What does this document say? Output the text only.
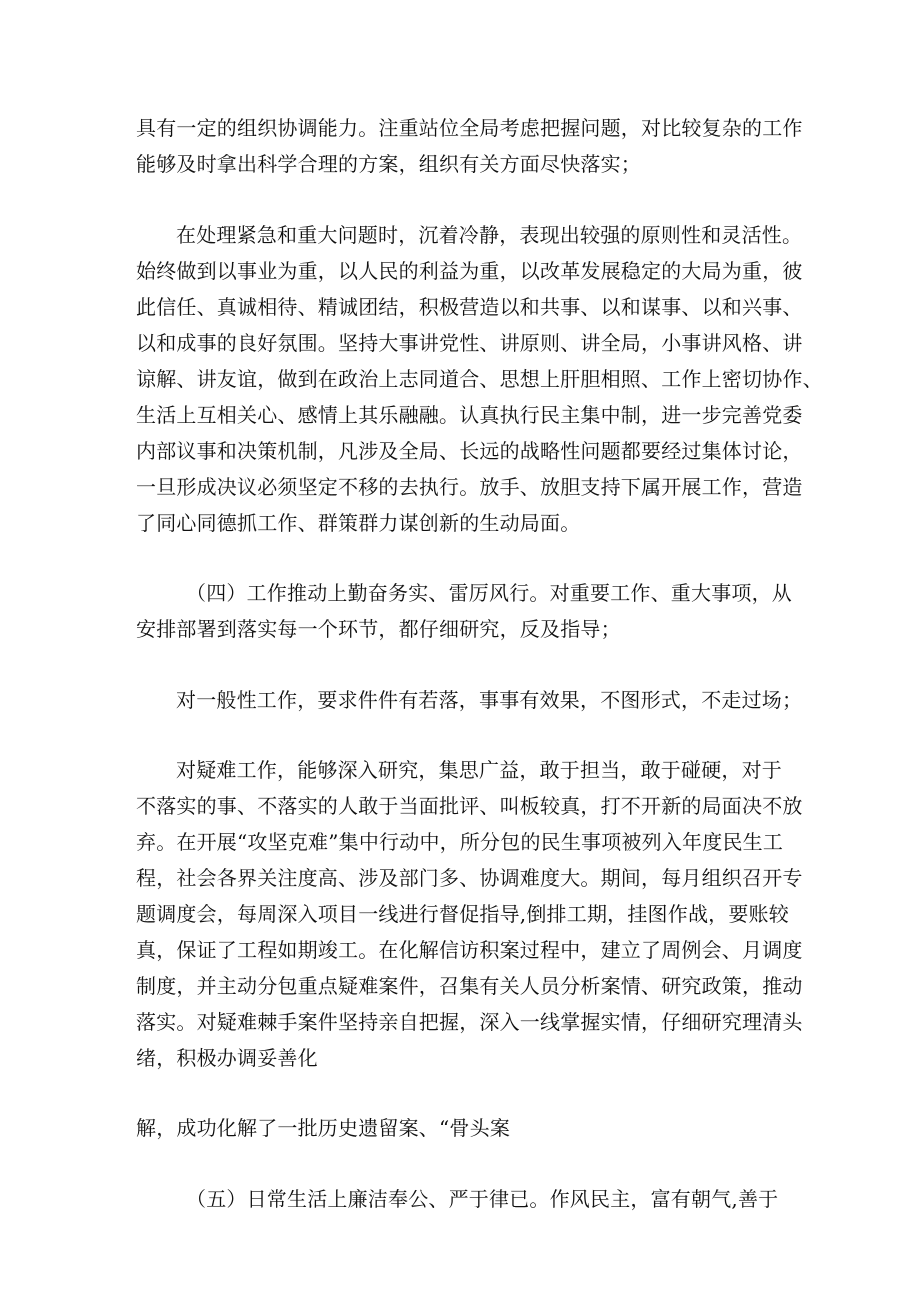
具有一定的组织协调能力。注重站位全局考虑把握问题，对比较复杂的工作
能够及时拿出科学合理的方案，组织有关方面尽快落实；
在处理紧急和重大问题时，沉着冷静，表现出较强的原则性和灵活性。
始终做到以事业为重，以人民的利益为重，以改革发展稳定的大局为重，彼
此信任、真诚相待、精诚团结，积极营造以和共事、以和谋事、以和兴事、
以和成事的良好氛围。坚持大事讲党性、讲原则、讲全局，小事讲风格、讲
谅解、讲友谊，做到在政治上志同道合、思想上肝胆相照、工作上密切协作、
生活上互相关心、感情上其乐融融。认真执行民主集中制，进一步完善党委
内部议事和决策机制，凡涉及全局、长远的战略性问题都要经过集体讨论，
一旦形成决议必须坚定不移的去执行。放手、放胆支持下属开展工作，营造
了同心同德抓工作、群策群力谋创新的生动局面。
（四）工作推动上勤奋务实、雷厉风行。对重要工作、重大事项，从
安排部署到落实每一个环节，都仔细研究，反及指导；
对一般性工作，要求件件有若落，事事有效果，不图形式，不走过场；
对疑难工作，能够深入研究，集思广益，敢于担当，敢于碰硬，对于
不落实的事、不落实的人敢于当面批评、叫板较真，打不开新的局面决不放
弃。在开展“攻坚克难”集中行动中，所分包的民生事项被列入年度民生工
程，社会各界关注度高、涉及部门多、协调难度大。期间，每月组织召开专
题调度会，每周深入项目一线进行督促指导,倒排工期，挂图作战，要账较
真，保证了工程如期竣工。在化解信访积案过程中，建立了周例会、月调度
制度，并主动分包重点疑难案件，召集有关人员分析案情、研究政策，推动
落实。对疑难棘手案件坚持亲自把握，深入一线掌握实情，仔细研究理清头
绪，积极办调妥善化
解，成功化解了一批历史遗留案、“骨头案
（五）日常生活上廉洁奉公、严于律已。作风民主，富有朝气,善于
